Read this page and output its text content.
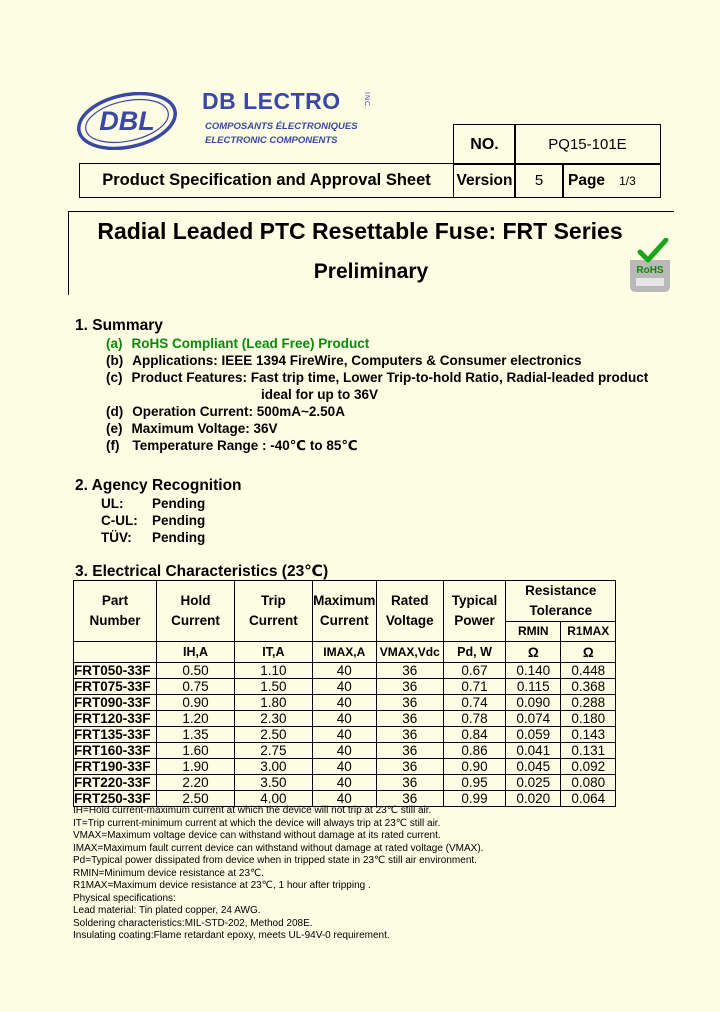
DBL
DB LECTRO	INC.
COMPOSANTS ÉLECTRONIQUES
ELECTRONIC COMPONENTS	NO.	PQ15-101E
Product Specification and Approval Sheet	Version	5	Page 1/3
Radial Leaded PTC Resettable Fuse: FRT Series
Preliminary	RoHS
1. Summary
(a) RoHS Compliant (Lead Free) Product
(b) Applications: IEEE 1394 FireWire, Computers & Consumer electronics
(c) Product Features: Fast trip time, Lower Trip-to-hold Ratio, Radial-leaded product
ideal for up to 36V
(d) Operation Current: 500mA~2.50A
(e) Maximum Voltage: 36V
(f) Temperature Range : -40℃ to 85℃
2. Agency Recognition
UL: Pending
C-UL: Pending
TÜV: Pending
3. Electrical Characteristics (23℃)
Part Number	Hold Current	Trip Current	Maximum Current	Rated Voltage	Typical Power	Resistance Tolerance	
						RMIN	R1MAX
	IH,A	IT,A	IMAX,A	VMAX,Vdc	Pd, W	Ω	Ω
FRT050-33F	0.50	1.10	40	36	0.67	0.140	0.448
FRT075-33F	0.75	1.50	40	36	0.71	0.115	0.368
FRT090-33F	0.90	1.80	40	36	0.74	0.090	0.288
FRT120-33F	1.20	2.30	40	36	0.78	0.074	0.180
FRT135-33F	1.35	2.50	40	36	0.84	0.059	0.143
FRT160-33F	1.60	2.75	40	36	0.86	0.041	0.131
FRT190-33F	1.90	3.00	40	36	0.90	0.045	0.092
FRT220-33F	2.20	3.50	40	36	0.95	0.025	0.080
FRT250-33F	2.50	4.00	40	36	0.99	0.020	0.064
IH=Hold current-maximum current at which the device will not trip at 23℃ still air.
IT=Trip current-minimum current at which the device will always trip at 23℃ still air.
VMAX=Maximum voltage device can withstand without damage at its rated current.
IMAX=Maximum fault current device can withstand without damage at rated voltage (VMAX).
Pd=Typical power dissipated from device when in tripped state in 23℃ still air environment.
RMIN=Minimum device resistance at 23℃.
R1MAX=Maximum device resistance at 23℃, 1 hour after tripping .
Physical specifications:
Lead material: Tin plated copper, 24 AWG.
Soldering characteristics:MIL-STD-202, Method 208E.
Insulating coating:Flame retardant epoxy, meets UL-94V-0 requirement.
